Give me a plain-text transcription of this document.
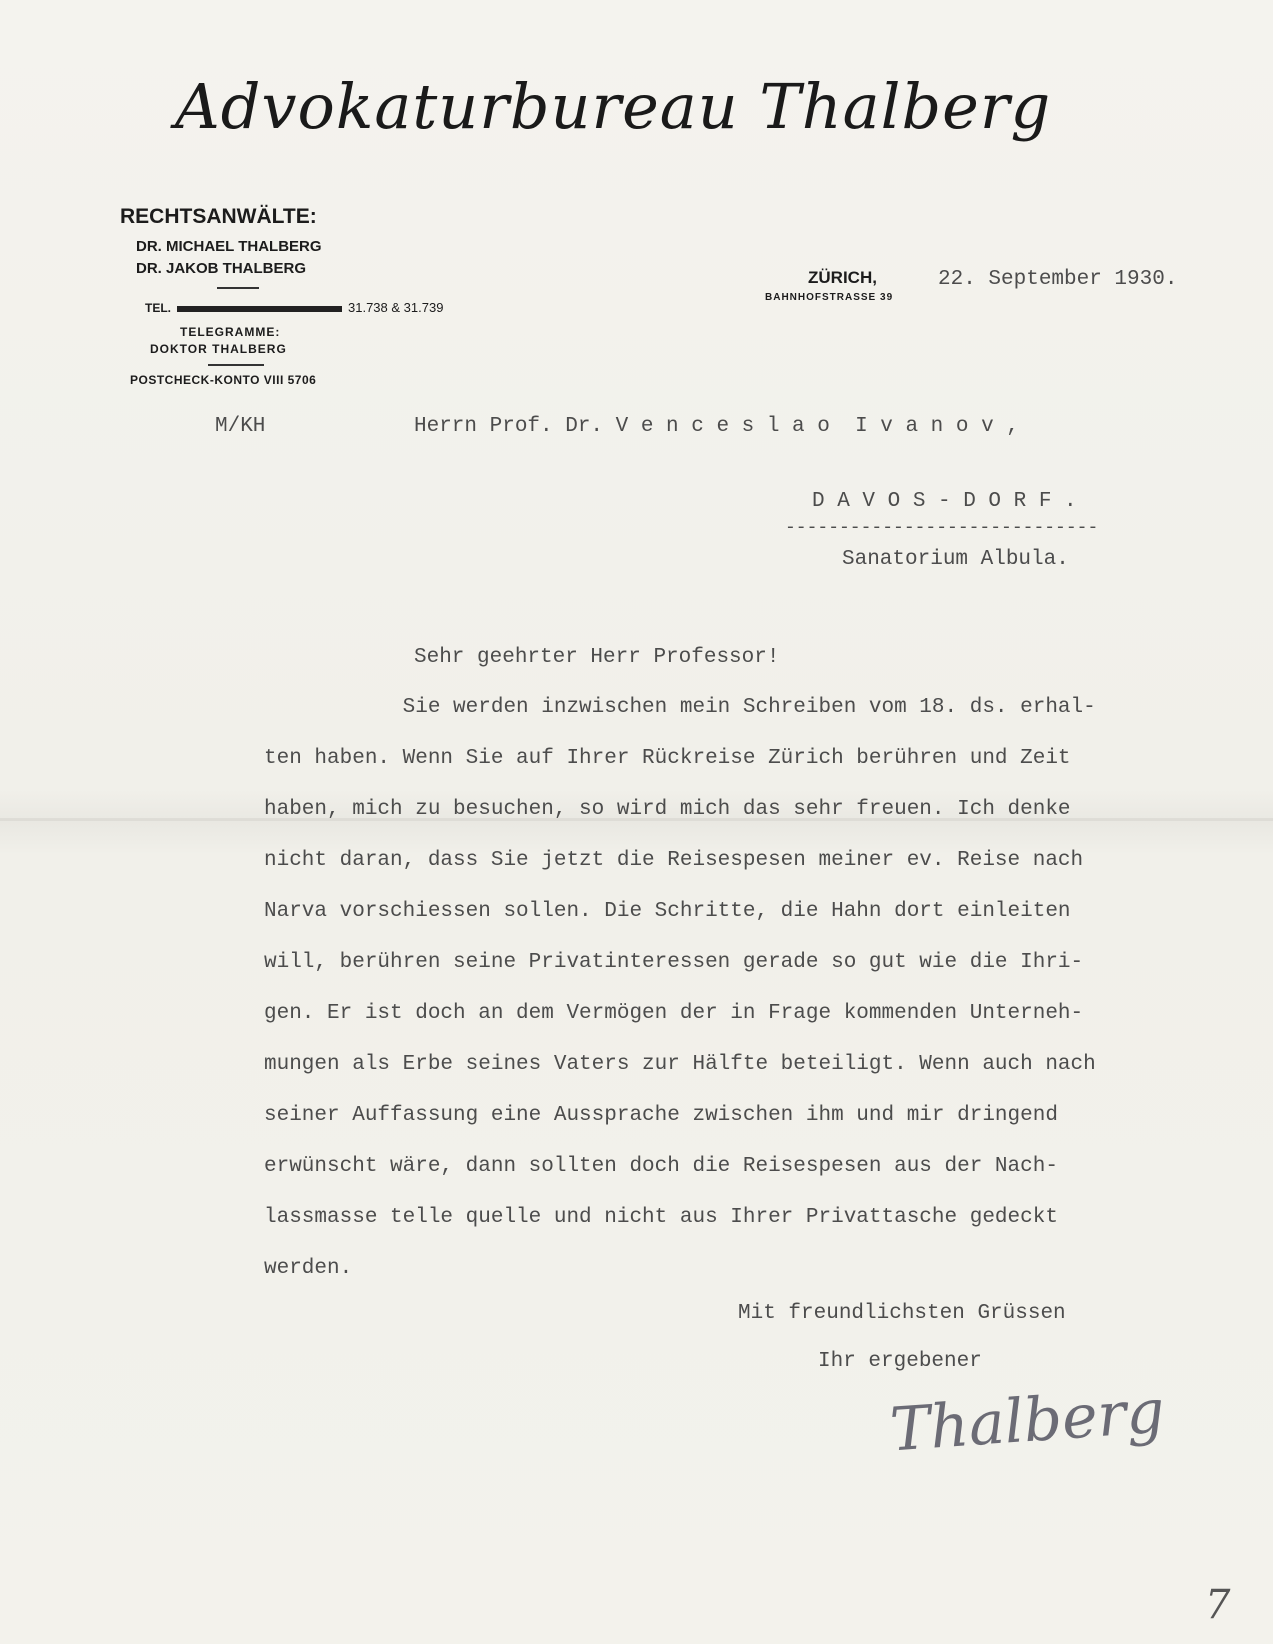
Advokaturbureau Thalberg
RECHTSANWÄLTE:
DR. MICHAEL THALBERG
DR. JAKOB THALBERG
TEL.	31.738 & 31.739
TELEGRAMME:
DOKTOR THALBERG
POSTCHECK-KONTO VIII 5706
ZÜRICH,
BAHNHOFSTRASSE 39
22. September 1930.
M/KH	Herrn Prof. Dr. V e n c e s l a o  I v a n o v ,
D A V O S - D O R F .
-----------------------------
Sanatorium Albula.
Sehr geehrter Herr Professor!
Sie werden inzwischen mein Schreiben vom 18. ds. erhal-
ten haben. Wenn Sie auf Ihrer Rückreise Zürich berühren und Zeit
haben, mich zu besuchen, so wird mich das sehr freuen. Ich denke
nicht daran, dass Sie jetzt die Reisespesen meiner ev. Reise nach
Narva vorschiessen sollen. Die Schritte, die Hahn dort einleiten
will, berühren seine Privatinteressen gerade so gut wie die Ihri-
gen. Er ist doch an dem Vermögen der in Frage kommenden Unterneh-
mungen als Erbe seines Vaters zur Hälfte beteiligt. Wenn auch nach
seiner Auffassung eine Aussprache zwischen ihm und mir dringend
erwünscht wäre, dann sollten doch die Reisespesen aus der Nach-
lassmasse telle quelle und nicht aus Ihrer Privattasche gedeckt
werden.
Mit freundlichsten Grüssen
Ihr ergebener
Thalberg
7
